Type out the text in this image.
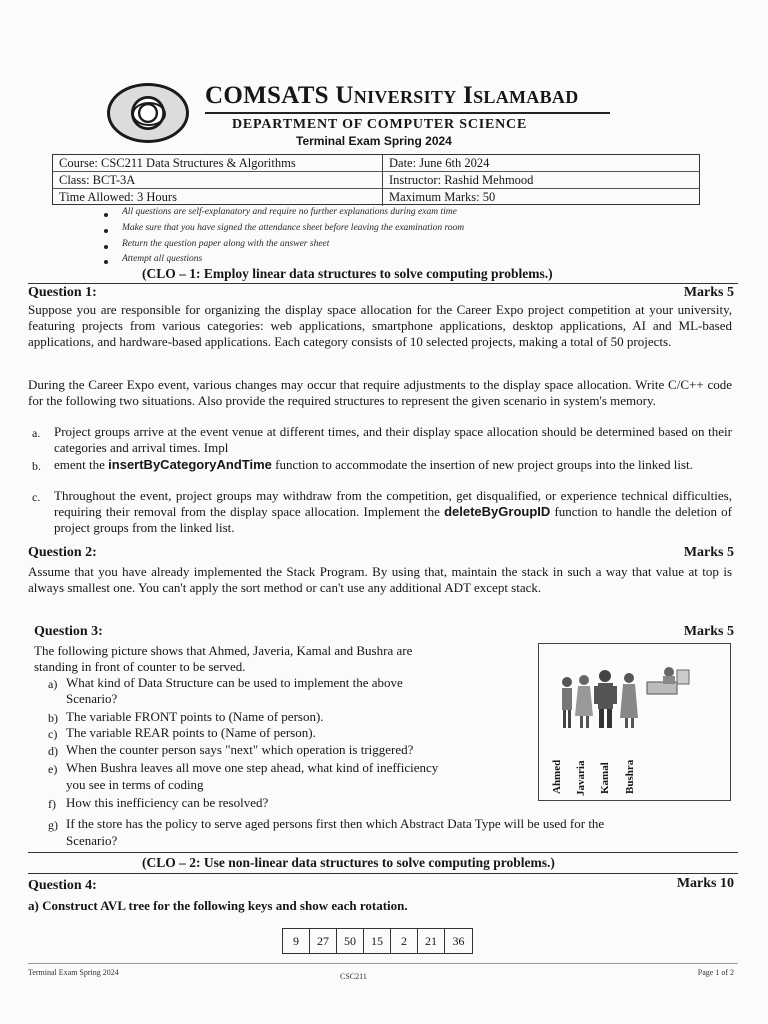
COMSATS University Islamabad
DEPARTMENT OF COMPUTER SCIENCE
Terminal Exam Spring 2024
Course: CSC211 Data Structures & Algorithms	Date: June 6th 2024
Class: BCT-3A	Instructor: Rashid Mehmood
Time Allowed: 3 Hours	Maximum Marks: 50
All questions are self-explanatory and require no further explanations during exam time
Make sure that you have signed the attendance sheet before leaving the examination room
Return the question paper along with the answer sheet
Attempt all questions
(CLO – 1: Employ linear data structures to solve computing problems.)
Question 1:	Marks 5
Suppose you are responsible for organizing the display space allocation for the Career Expo project competition at your university, featuring projects from various categories: web applications, smartphone applications, desktop applications, AI and ML-based applications, and hardware-based applications. Each category consists of 10 selected projects, making a total of 50 projects.
During the Career Expo event, various changes may occur that require adjustments to the display space allocation. Write C/C++ code for the following two situations. Also provide the required structures to represent the given scenario in system's memory.
a. Project groups arrive at the event venue at different times, and their display space allocation should be determined based on their categories and arrival times. Impl
b. ement the insertByCategoryAndTime function to accommodate the insertion of new project groups into the linked list.
c. Throughout the event, project groups may withdraw from the competition, get disqualified, or experience technical difficulties, requiring their removal from the display space allocation. Implement the deleteByGroupID function to handle the deletion of project groups from the linked list.
Question 2:	Marks 5
Assume that you have already implemented the Stack Program. By using that, maintain the stack in such a way that value at top is always smallest one. You can't apply the sort method or can't use any additional ADT except stack.
Question 3:	Marks 5
The following picture shows that Ahmed, Javeria, Kamal and Bushra are
standing in front of counter to be served.
a) What kind of Data Structure can be used to implement the above
Scenario?
b) The variable FRONT points to (Name of person).
c) The variable REAR points to (Name of person).
d) When the counter person says "next" which operation is triggered?
e) When Bushra leaves all move one step ahead, what kind of inefficiency
you see in terms of coding
f) How this inefficiency can be resolved?
g) If the store has the policy to serve aged persons first then which Abstract Data Type will be used for the
Scenario?
Ahmed Javaria Kamal Bushra
(CLO – 2: Use non-linear data structures to solve computing problems.)
Question 4:	Marks 10
a) Construct AVL tree for the following keys and show each rotation.
9	27	50	15	2	21	36
Terminal Exam Spring 2024	CSC211	Page 1 of 2
